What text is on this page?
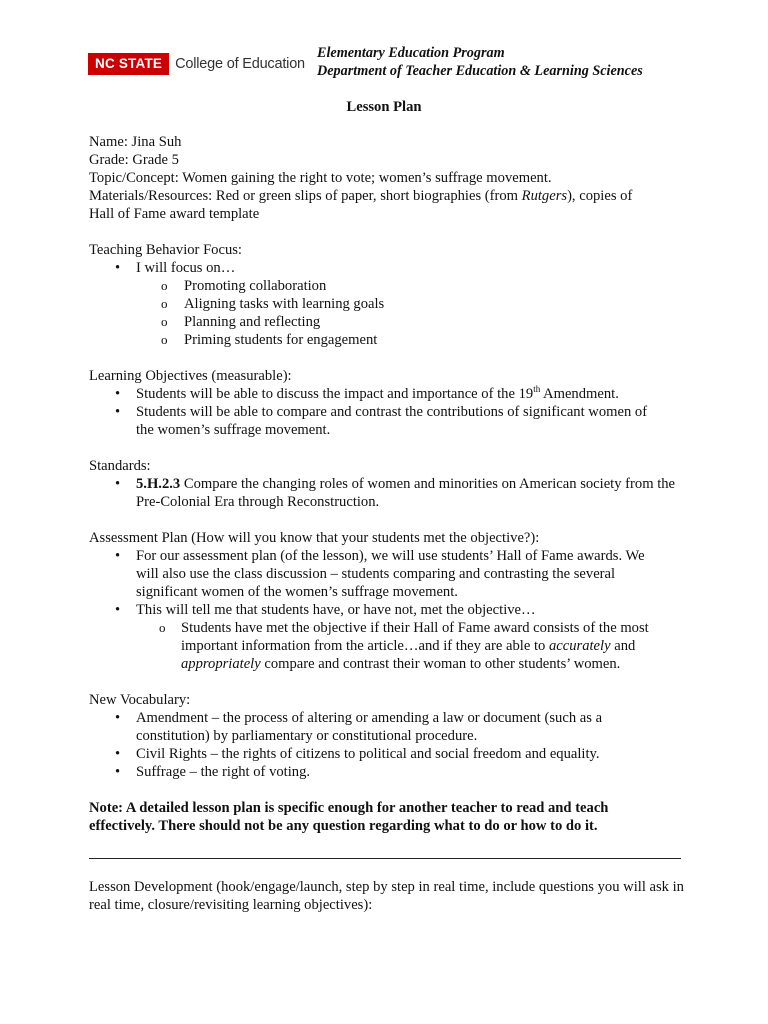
NC STATE College of Education
Elementary Education Program
Department of Teacher Education & Learning Sciences
Lesson Plan

Name: Jina Suh

Grade: Grade 5

Topic/Concept: Women gaining the right to vote; women’s suffrage movement.

Materials/Resources: Red or green slips of paper, short biographies (from Rutgers), copies of

Hall of Fame award template

Teaching Behavior Focus:

• I will focus on…
o Promoting collaboration
o Aligning tasks with learning goals
o Planning and reflecting
o Priming students for engagement

Learning Objectives (measurable):

• Students will be able to discuss the impact and importance of the 19th Amendment.
• Students will be able to compare and contrast the contributions of significant women of the women’s suffrage movement.

Standards:

• 5.H.2.3 Compare the changing roles of women and minorities on American society from the Pre-Colonial Era through Reconstruction.

Assessment Plan (How will you know that your students met the objective?):

• For our assessment plan (of the lesson), we will use students’ Hall of Fame awards. We will also use the class discussion – students comparing and contrasting the several significant women of the women’s suffrage movement.
• This will tell me that students have, or have not, met the objective…
o Students have met the objective if their Hall of Fame award consists of the most important information from the article…and if they are able to accurately and appropriately compare and contrast their woman to other students’ women.

New Vocabulary:

• Amendment – the process of altering or amending a law or document (such as a constitution) by parliamentary or constitutional procedure.
• Civil Rights – the rights of citizens to political and social freedom and equality.
• Suffrage – the right of voting.

Note: A detailed lesson plan is specific enough for another teacher to read and teach effectively. There should not be any question regarding what to do or how to do it.

Lesson Development (hook/engage/launch, step by step in real time, include questions you will ask in real time, closure/revisiting learning objectives):
